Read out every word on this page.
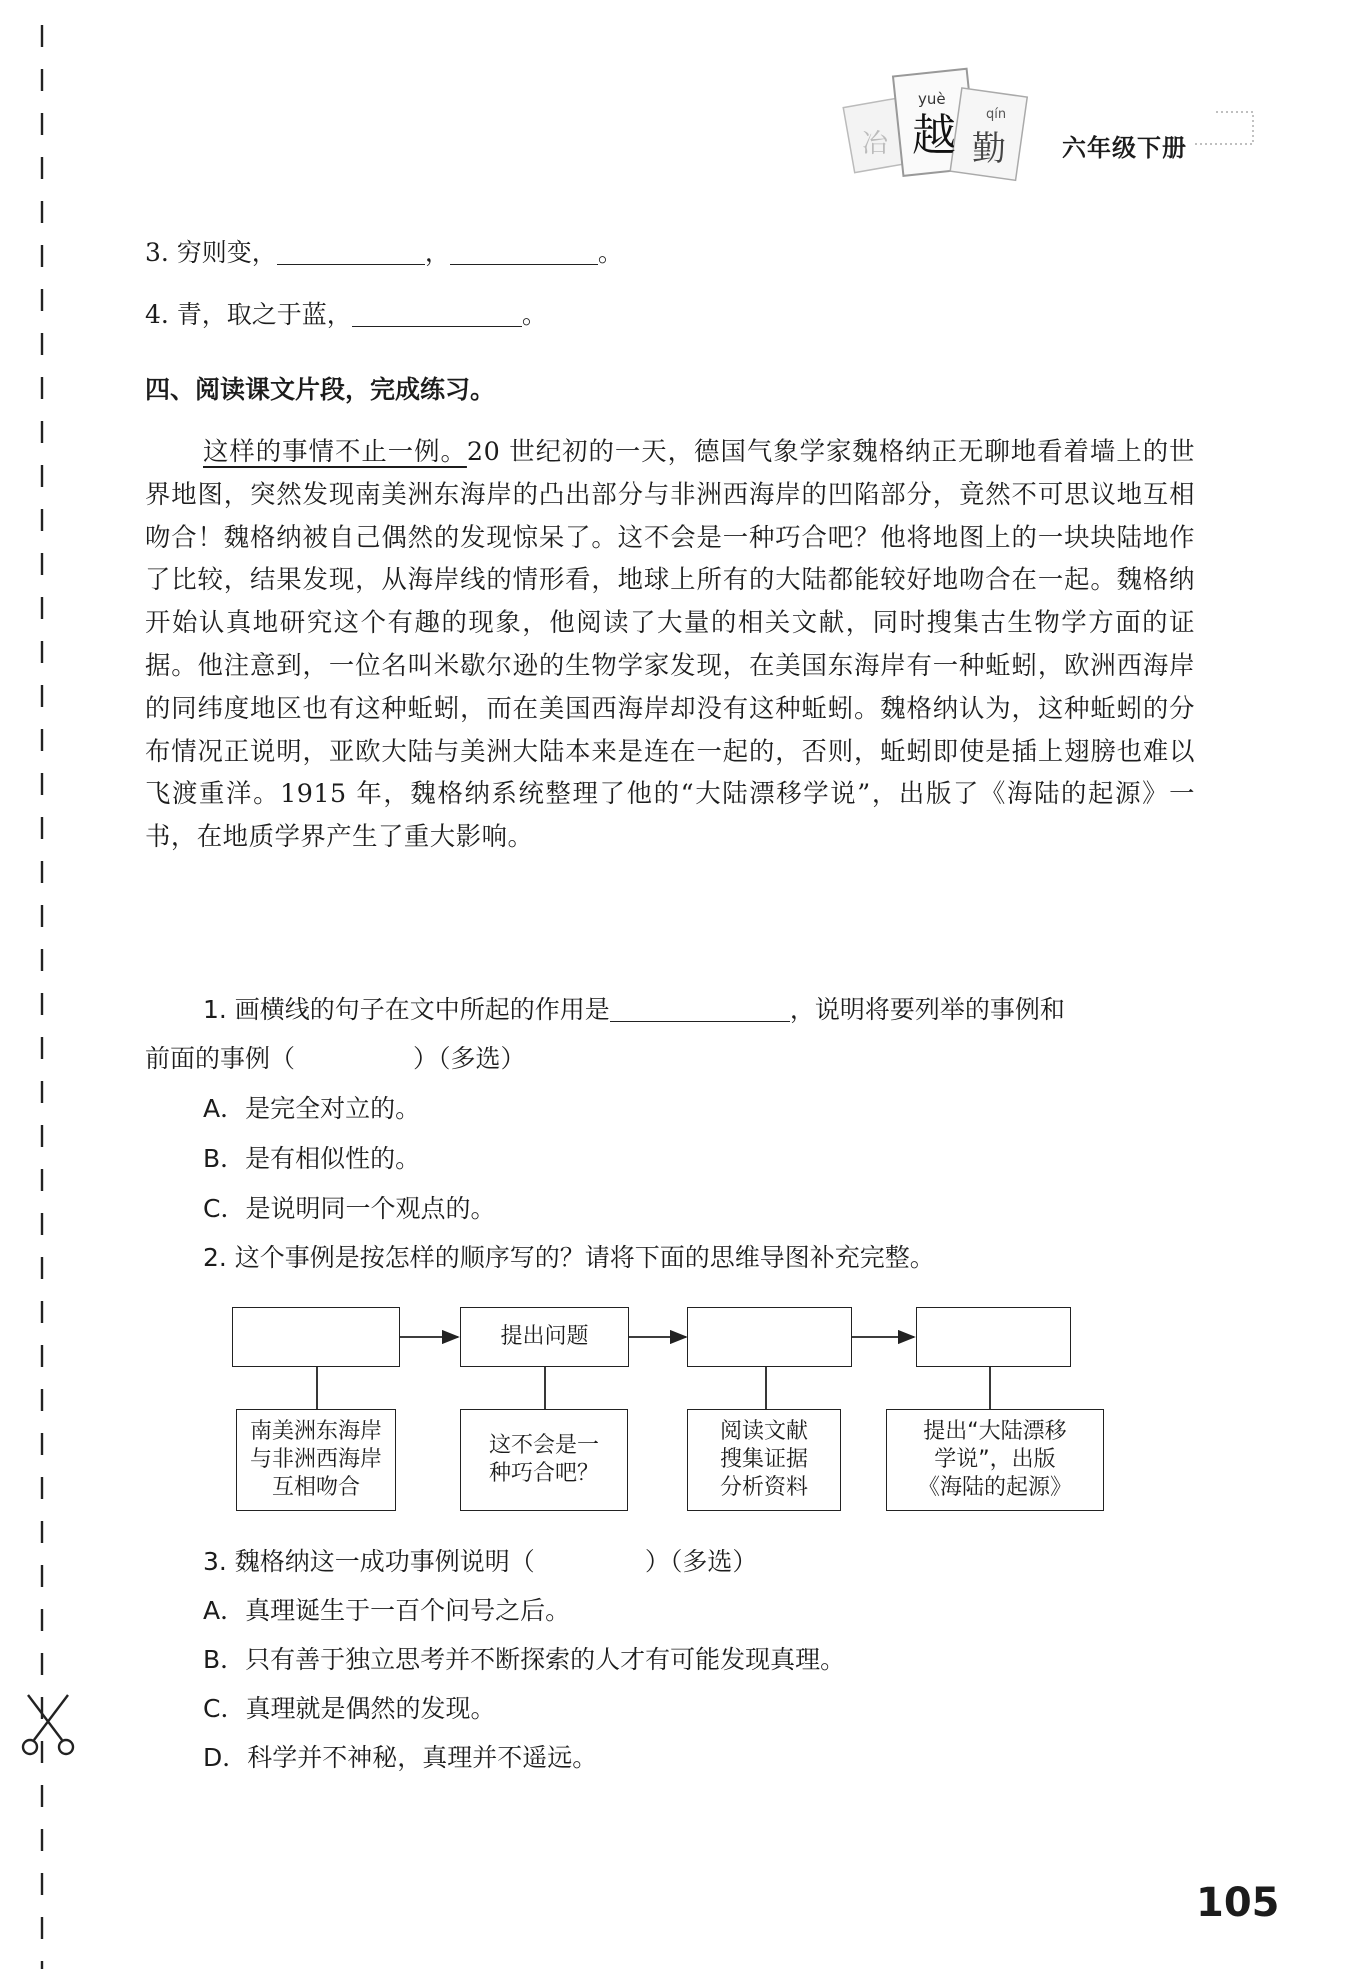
冶
yuè
越 qín
勤 六年级下册
3. 穷则变，	，	。
4. 青，取之于蓝，	。
四、阅读课文片段，完成练习。

这样的事情不止一例。20 世纪初的一天，德国气象学家魏格纳正无聊地看着墙上的世界地图，突然发现南美洲东海岸的凸出部分与非洲西海岸的凹陷部分，竟然不可思议地互相吻合！魏格纳被自己偶然的发现惊呆了。这不会是一种巧合吧？他将地图上的一块块陆地作了比较，结果发现，从海岸线的情形看，地球上所有的大陆都能较好地吻合在一起。魏格纳开始认真地研究这个有趣的现象，他阅读了大量的相关文献，同时搜集古生物学方面的证据。他注意到，一位名叫米歇尔逊的生物学家发现，在美国东海岸有一种蚯蚓，欧洲西海岸的同纬度地区也有这种蚯蚓，而在美国西海岸却没有这种蚯蚓。魏格纳认为，这种蚯蚓的分布情况正说明，亚欧大陆与美洲大陆本来是连在一起的，否则，蚯蚓即使是插上翅膀也难以飞渡重洋。1915 年，魏格纳系统整理了他的“大陆漂移学说”，出版了《海陆的起源》一书，在地质学界产生了重大影响。

1. 画横线的句子在文中所起的作用是	，说明将要列举的事例和
前面的事例（	）（多选）
A．是完全对立的。
B．是有相似性的。
C．是说明同一个观点的。
2. 这个事例是按怎样的顺序写的？请将下面的思维导图补充完整。
提出问题
南美洲东海岸
与非洲西海岸
互相吻合
这不会是一
种巧合吧？
阅读文献
搜集证据
分析资料
提出“大陆漂移
学说”，出版
《海陆的起源》
3. 魏格纳这一成功事例说明（	）（多选）
A．真理诞生于一百个问号之后。
B．只有善于独立思考并不断探索的人才有可能发现真理。
C．真理就是偶然的发现。
D．科学并不神秘，真理并不遥远。
105
